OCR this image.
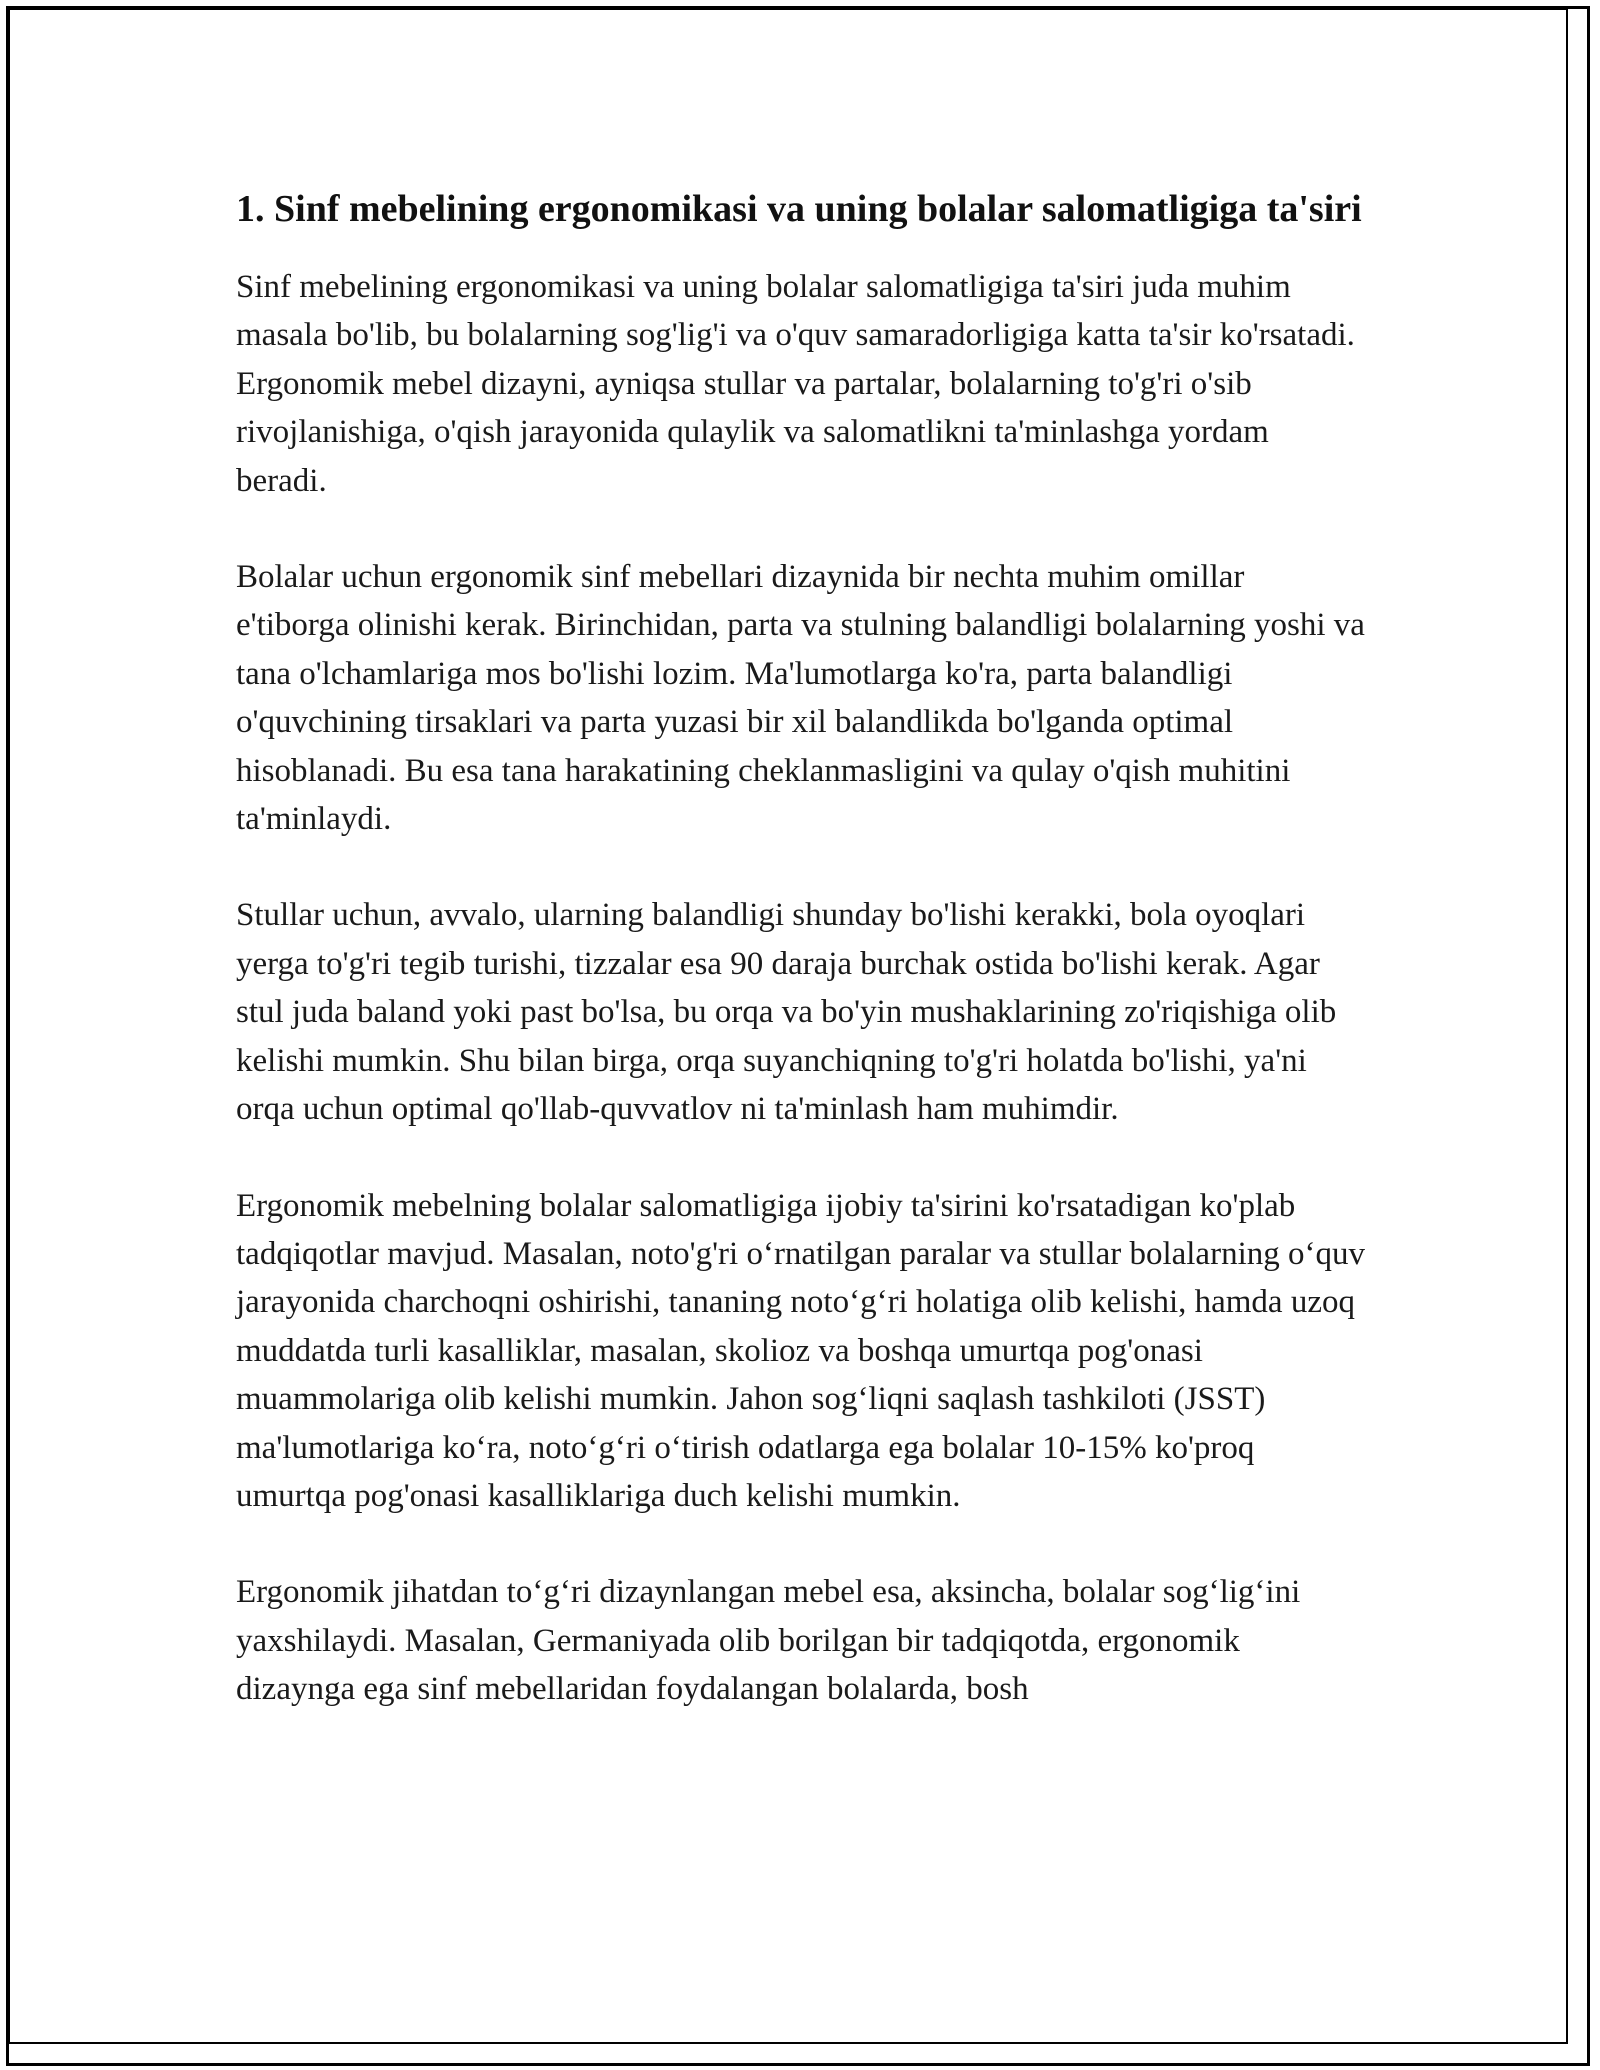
1. Sinf mebelining ergonomikasi va uning bolalar salomatligiga ta'siri

Sinf mebelining ergonomikasi va uning bolalar salomatligiga ta'siri juda muhim masala bo'lib, bu bolalarning sog'lig'i va o'quv samaradorligiga katta ta'sir ko'rsatadi. Ergonomik mebel dizayni, ayniqsa stullar va partalar, bolalarning to'g'ri o'sib rivojlanishiga, o'qish jarayonida qulaylik va salomatlikni ta'minlashga yordam beradi.

Bolalar uchun ergonomik sinf mebellari dizaynida bir nechta muhim omillar e'tiborga olinishi kerak. Birinchidan, parta va stulning balandligi bolalarning yoshi va tana o'lchamlariga mos bo'lishi lozim. Ma'lumotlarga ko'ra, parta balandligi o'quvchining tirsaklari va parta yuzasi bir xil balandlikda bo'lganda optimal hisoblanadi. Bu esa tana harakatining cheklanmasligini va qulay o'qish muhitini ta'minlaydi.

Stullar uchun, avvalo, ularning balandligi shunday bo'lishi kerakki, bola oyoqlari yerga to'g'ri tegib turishi, tizzalar esa 90 daraja burchak ostida bo'lishi kerak. Agar stul juda baland yoki past bo'lsa, bu orqa va bo'yin mushaklarining zo'riqishiga olib kelishi mumkin. Shu bilan birga, orqa suyanchiqning to'g'ri holatda bo'lishi, ya'ni orqa uchun optimal qo'llab-quvvatlov ni ta'minlash ham muhimdir.

Ergonomik mebelning bolalar salomatligiga ijobiy ta'sirini ko'rsatadigan ko'plab tadqiqotlar mavjud. Masalan, noto'g'ri o‘rnatilgan paralar va stullar bolalarning o‘quv jarayonida charchoqni oshirishi, tananing noto‘g‘ri holatiga olib kelishi, hamda uzoq muddatda turli kasalliklar, masalan, skolioz va boshqa umurtqa pog'onasi muammolariga olib kelishi mumkin. Jahon sog‘liqni saqlash tashkiloti (JSST) ma'lumotlariga ko‘ra, noto‘g‘ri o‘tirish odatlarga ega bolalar 10-15% ko'proq umurtqa pog'onasi kasalliklariga duch kelishi mumkin.

Ergonomik jihatdan to‘g‘ri dizaynlangan mebel esa, aksincha, bolalar sog‘lig‘ini yaxshilaydi. Masalan, Germaniyada olib borilgan bir tadqiqotda, ergonomik dizaynga ega sinf mebellaridan foydalangan bolalarda, bosh
